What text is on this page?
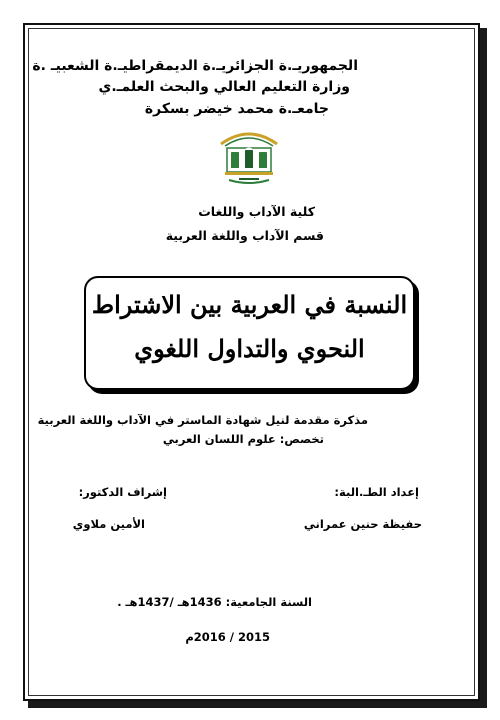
الجمهوريـ.ة الجزائريـ.ة الديمقراطيـ.ة الشعبيـ .ة
وزارة التعليم العالي والبحث العلمـ.ي
جامعـ.ة محمد خيضر بسكرة
كلية الآداب واللغات
قسم الآداب واللغة العربية
النسبة في العربية بين الاشتراط
النحوي والتداول اللغوي
مذكرة مقدمة لنيل شهادة الماستر في الآداب واللغة العربية
تخصص: علوم اللسان العربي
إعداد الطـ.البة:
إشراف الدكتور:
حفيظة حنين عمراني
الأمين ملاوي
السنة الجامعية: 1436هـ /1437هـ .
2015 / 2016م
